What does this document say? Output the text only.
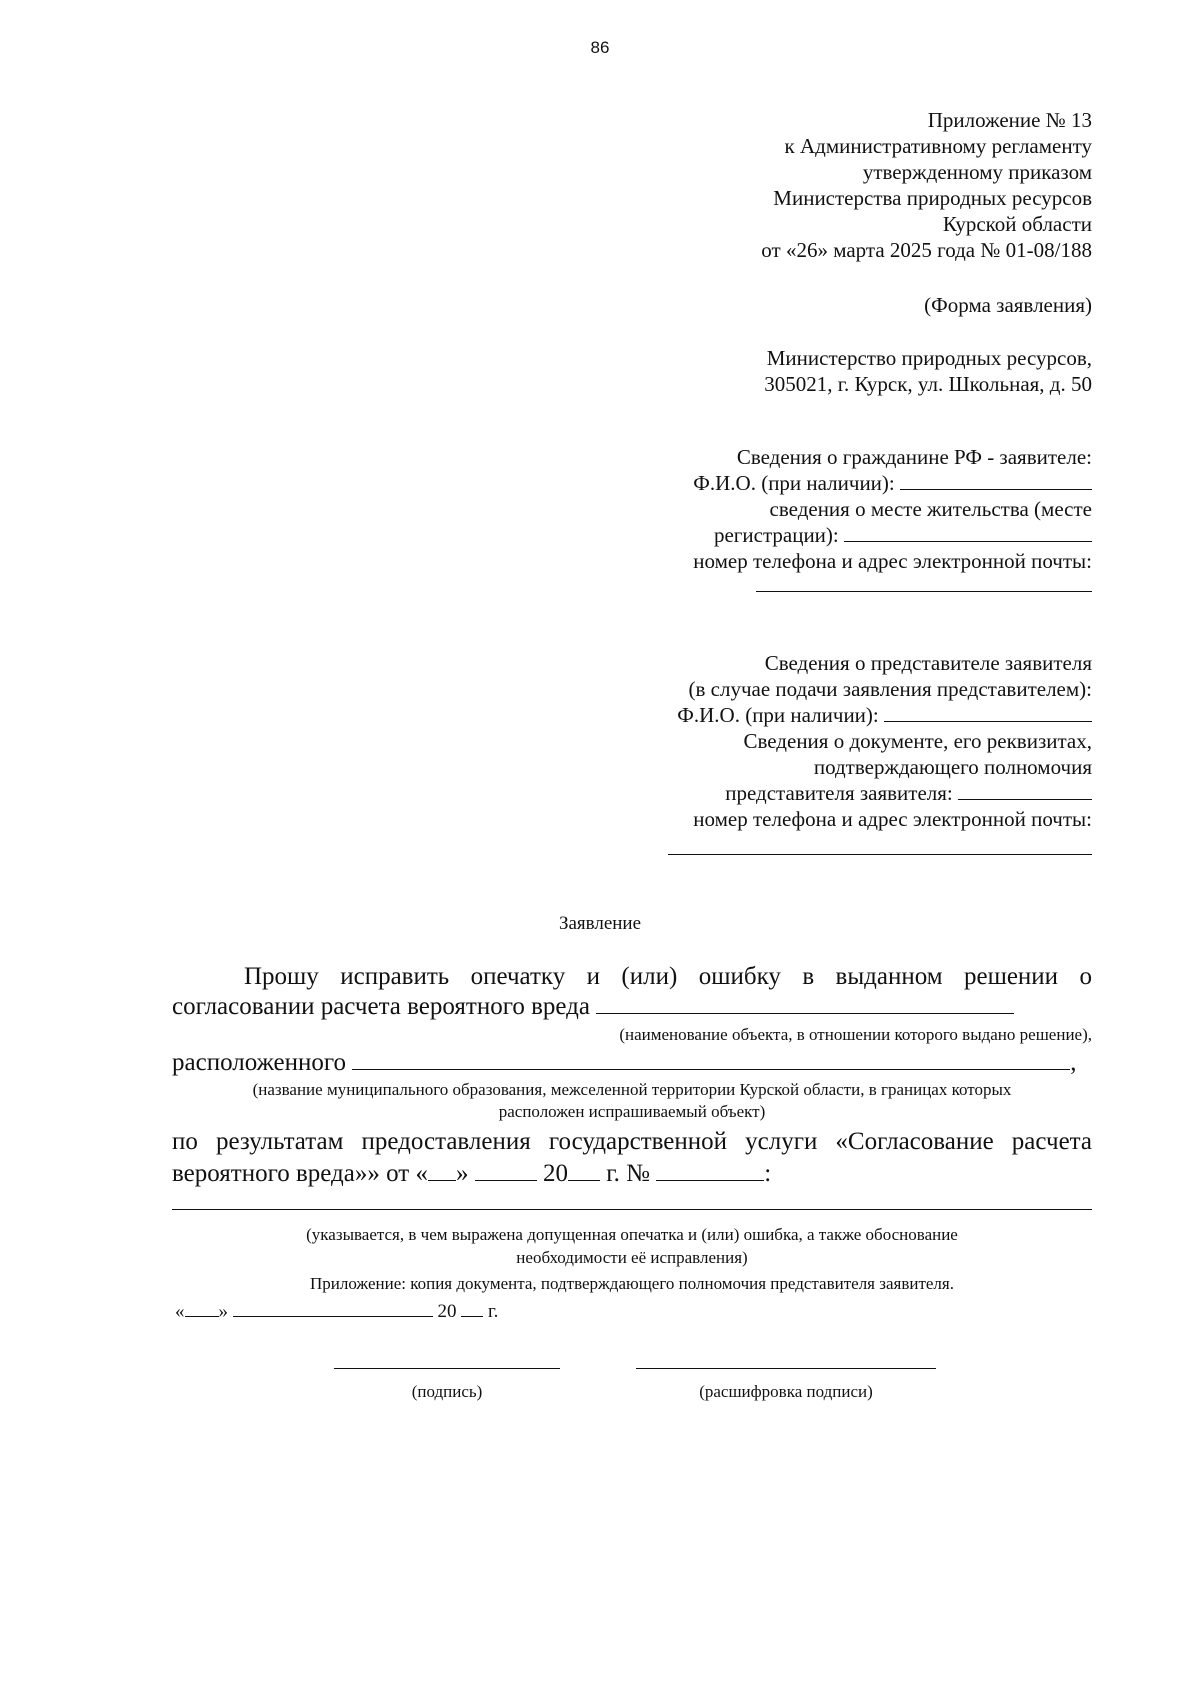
86
Приложение № 13
к Административному регламенту
утвержденному приказом
Министерства природных ресурсов
Курской области
от «26» марта 2025 года № 01-08/188
(Форма заявления)
Министерство природных ресурсов,
305021, г. Курск, ул. Школьная, д. 50
Сведения о гражданине РФ - заявителе:
Ф.И.О. (при наличии):
сведения о месте жительства (месте
регистрации):
номер телефона и адрес электронной почты:
Сведения о представителе заявителя
(в случае подачи заявления представителем):
Ф.И.О. (при наличии):
Сведения о документе, его реквизитах,
подтверждающего полномочия
представителя заявителя:
номер телефона и адрес электронной почты:
Заявление
Прошу исправить опечатку и (или) ошибку в выданном решении о
согласовании расчета вероятного вреда
(наименование объекта, в отношении которого выдано решение),
расположенного	,
(название муниципального образования, межселенной территории Курской области, в границах которых
расположен испрашиваемый объект)
по результатам предоставления государственной услуги «Согласование расчета
вероятного вреда»» от « »	20 г. №	:
(указывается, в чем выражена допущенная опечатка и (или) ошибка, а также обоснование
необходимости её исправления)
Приложение: копия документа, подтверждающего полномочия представителя заявителя.
« »	20 г.
(подпись)	(расшифровка подписи)
